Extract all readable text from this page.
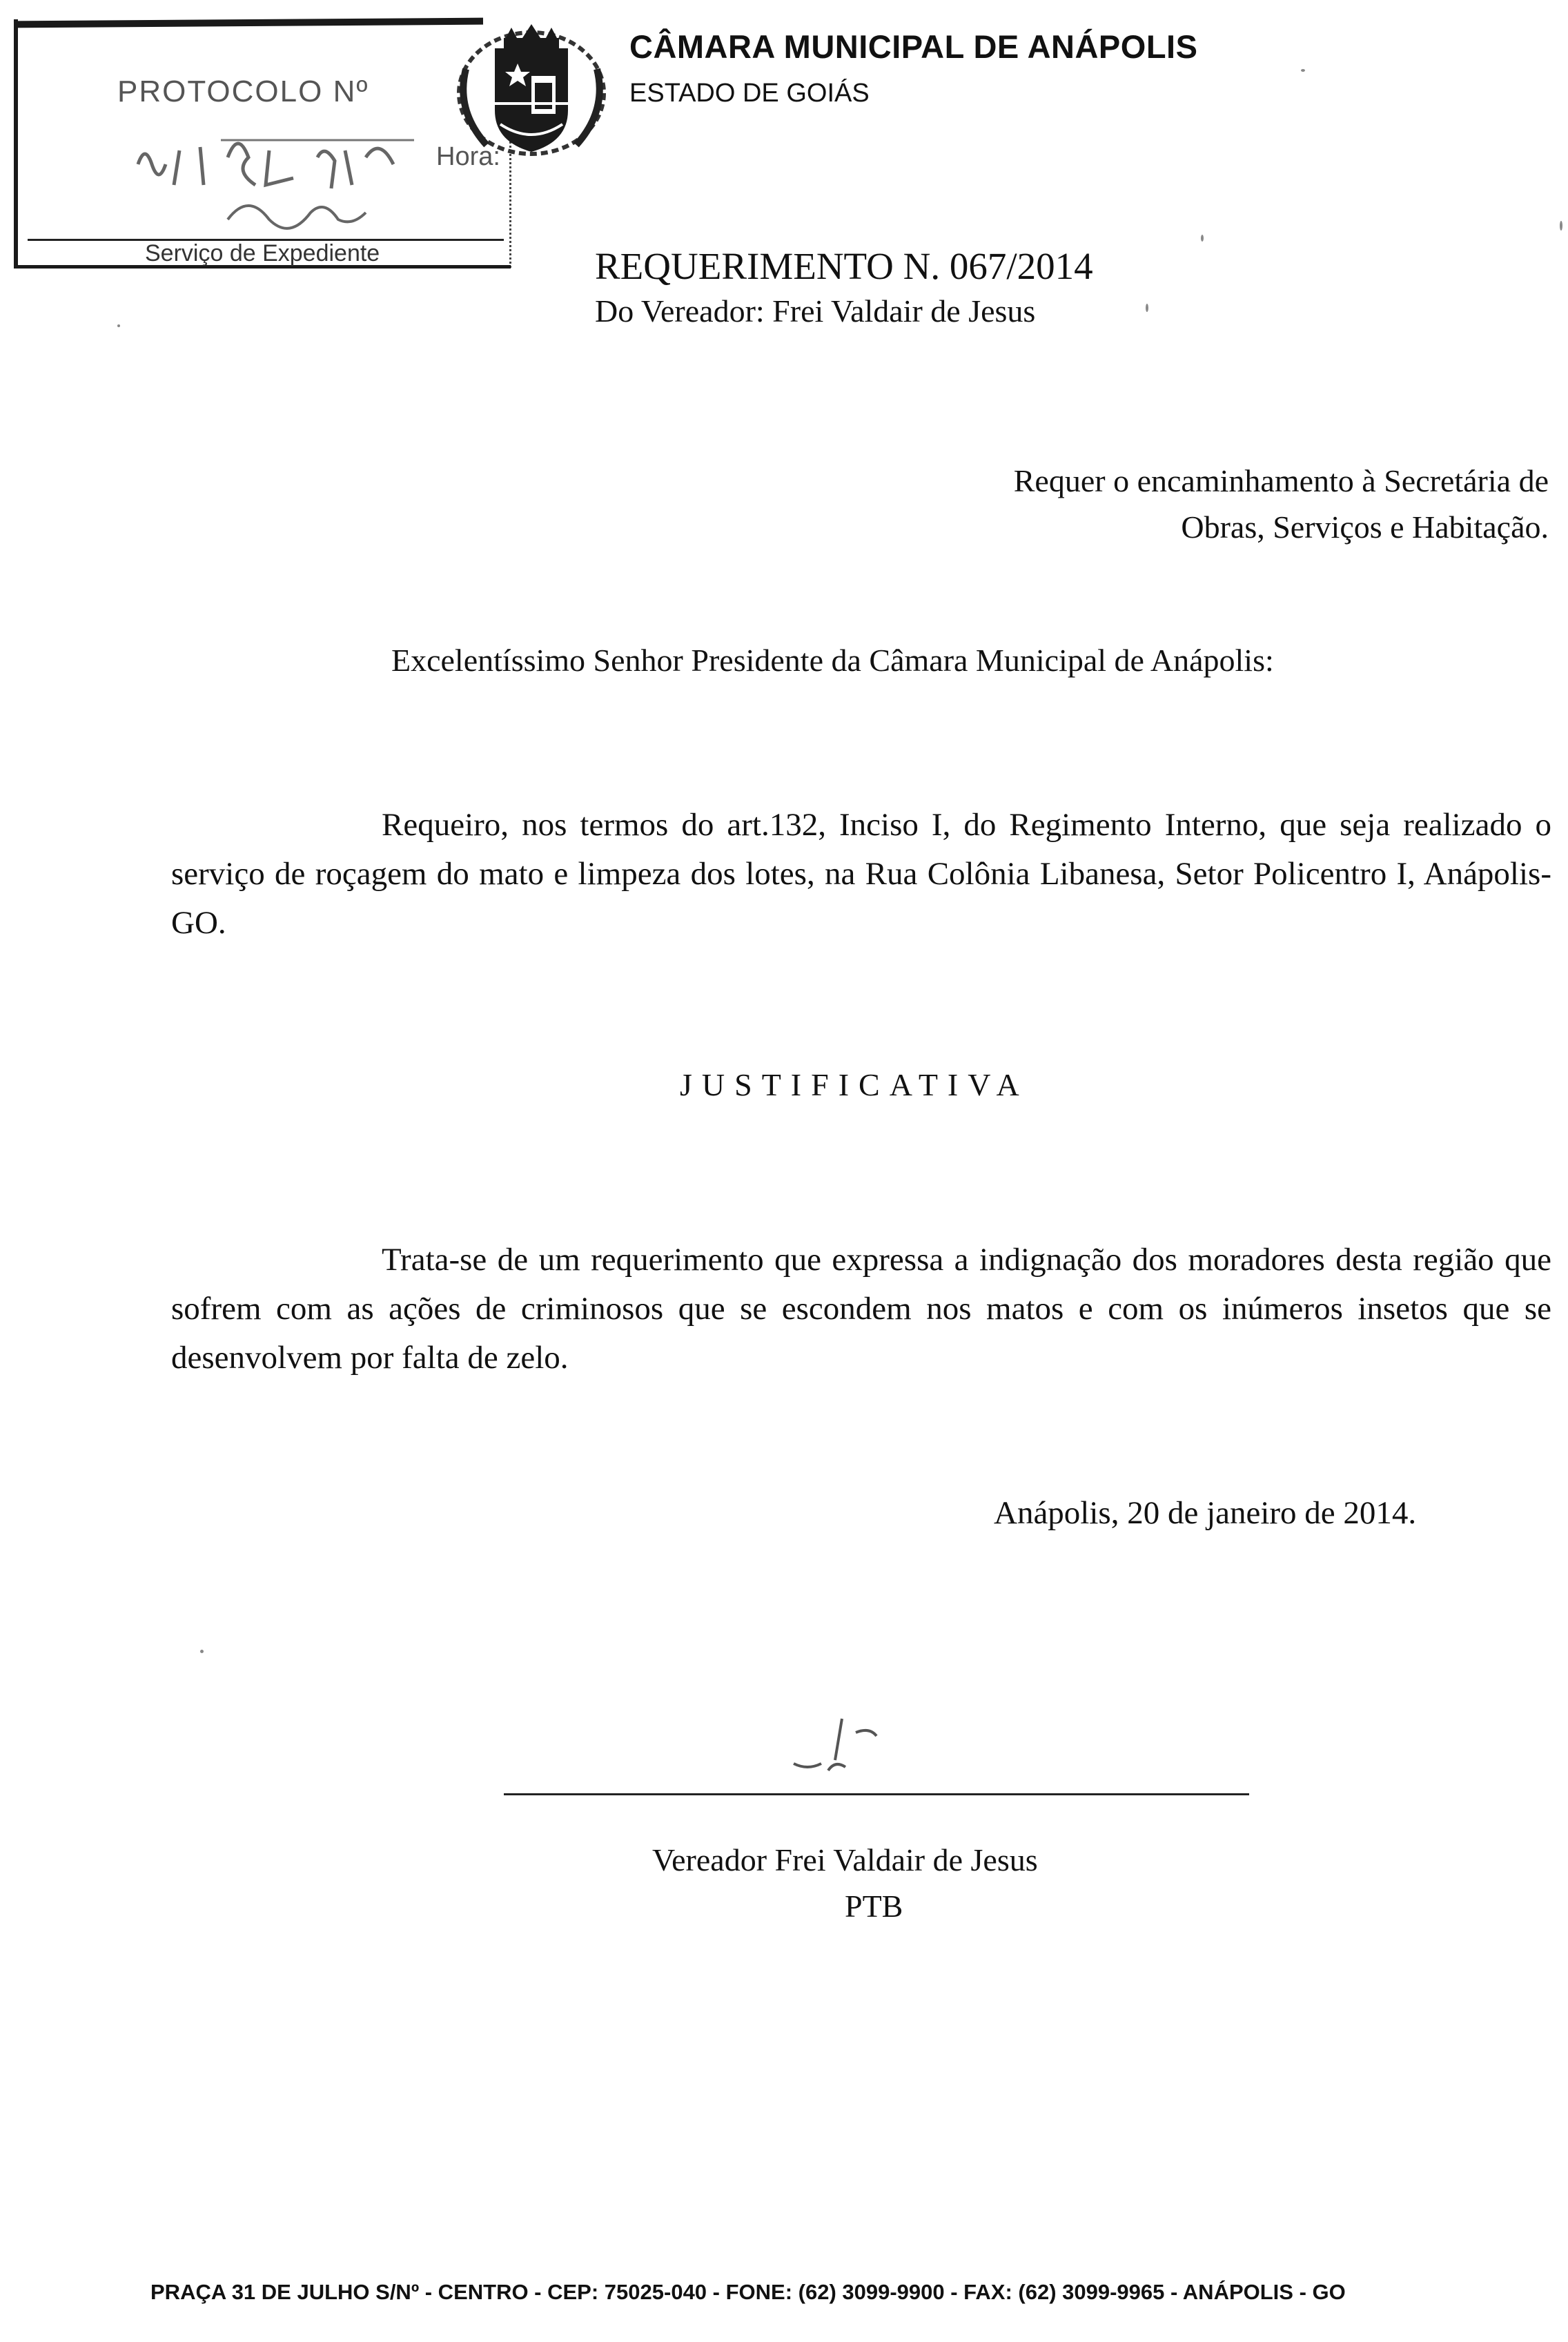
PROTOCOLO Nº
Hora:
Serviço de Expediente
CÂMARA MUNICIPAL DE ANÁPOLIS
ESTADO DE GOIÁS
REQUERIMENTO N. 067/2014
Do Vereador: Frei Valdair de Jesus
Requer o encaminhamento à Secretária de
Obras, Serviços e Habitação.
Excelentíssimo Senhor Presidente da Câmara Municipal de Anápolis:
Requeiro, nos termos do art.132, Inciso I, do Regimento Interno, que seja realizado o serviço de roçagem do mato e limpeza dos lotes, na Rua Colônia Libanesa, Setor Policentro I, Anápolis-GO.
JUSTIFICATIVA
Trata-se de um requerimento que expressa a indignação dos moradores desta região que sofrem com as ações de criminosos que se escondem nos matos e com os inúmeros insetos que se desenvolvem por falta de zelo.
Anápolis, 20 de janeiro de 2014.
Vereador Frei Valdair de Jesus
PTB
PRAÇA 31 DE JULHO S/Nº - CENTRO - CEP: 75025-040 - FONE: (62) 3099-9900 - FAX: (62) 3099-9965 - ANÁPOLIS - GO
